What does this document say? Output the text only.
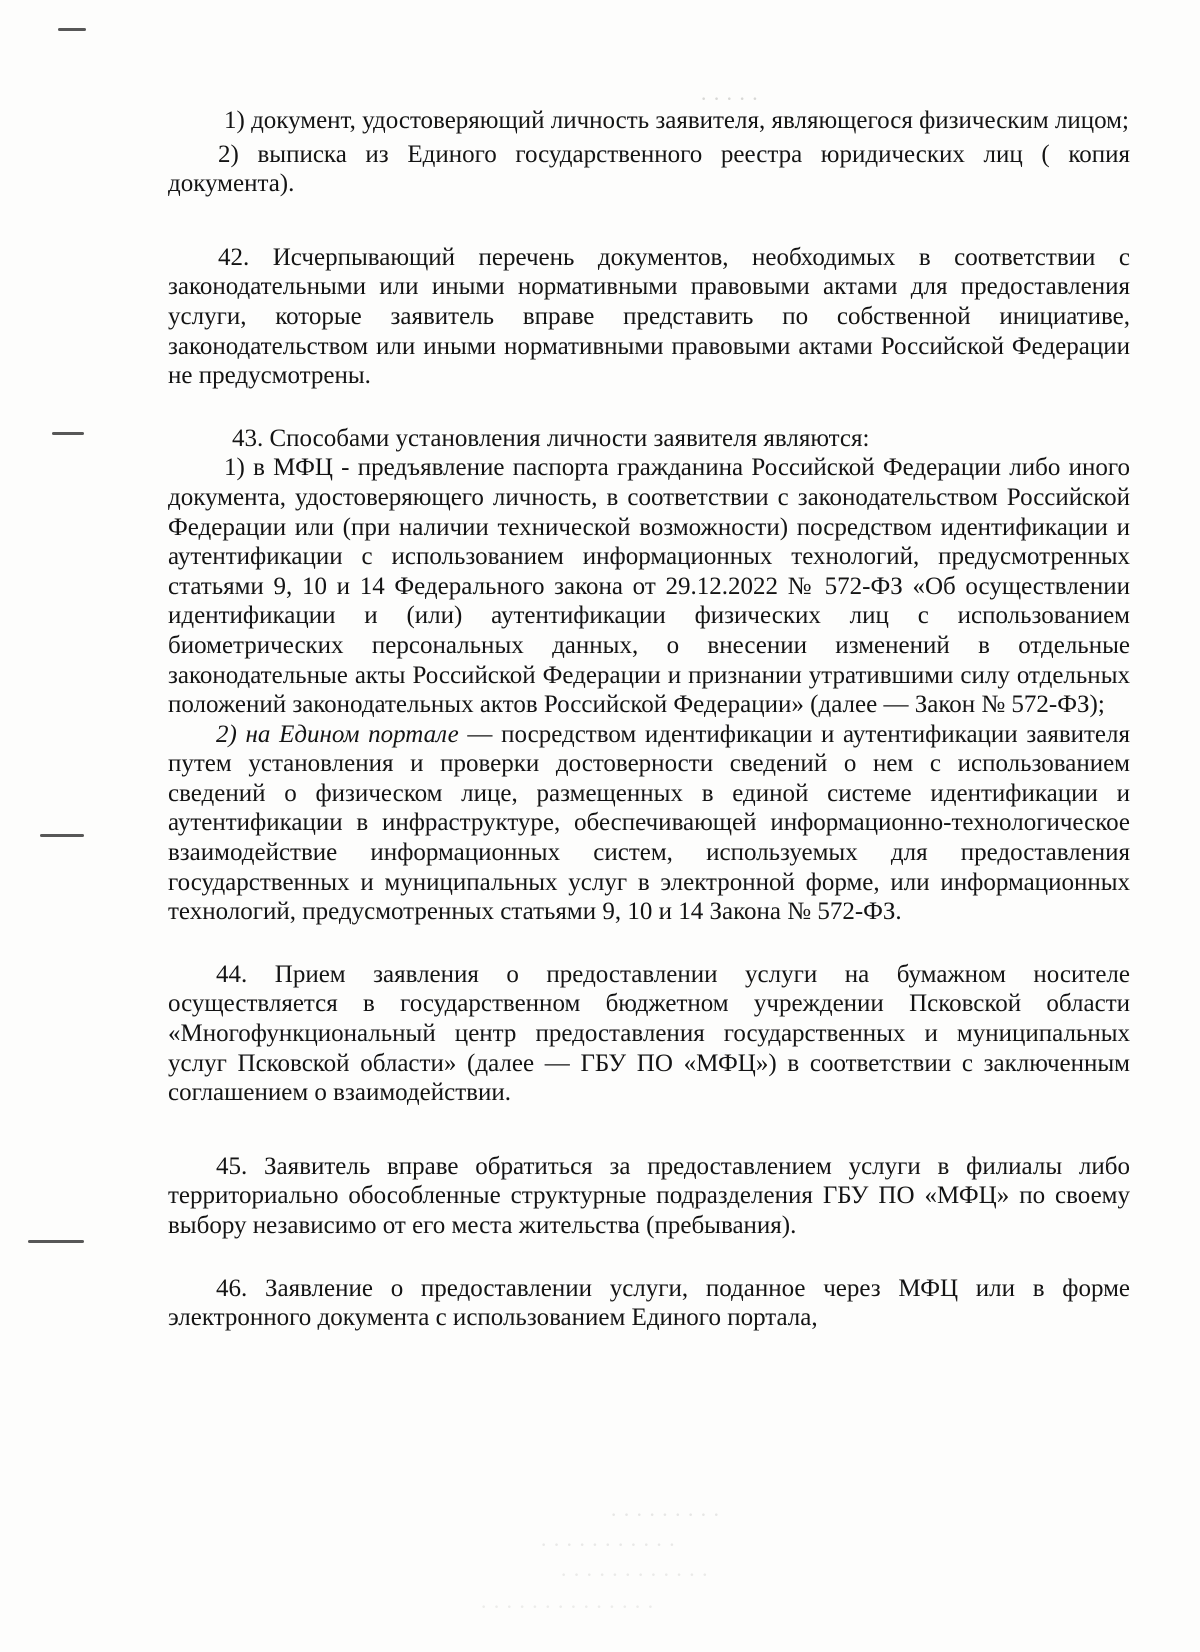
· · · · ·
· · · · · · · · ·
· · · · · · · · · · ·
· · · · · · · · · · · ·
· · · · · · · · · · · · · ·

1) документ, удостоверяющий личность заявителя, являющегося физическим лицом;

2) выписка из Единого государственного реестра юридических лиц ( копия документа).

42. Исчерпывающий перечень документов, необходимых в соответствии с законодательными или иными нормативными правовыми актами для предоставления услуги, которые заявитель вправе представить по собственной инициативе, законодательством или иными нормативными правовыми актами Российской Федерации не предусмотрены.

43. Способами установления личности заявителя являются:

1) в МФЦ - предъявление паспорта гражданина Российской Федерации либо иного документа, удостоверяющего личность, в соответствии с законодательством Российской Федерации или (при наличии технической возможности) посредством идентификации и аутентификации с использованием информационных технологий, предусмотренных статьями 9, 10 и 14 Федерального закона от 29.12.2022 № 572-ФЗ «Об осуществлении идентификации и (или) аутентификации физических лиц с использованием биометрических персональных данных, о внесении изменений в отдельные законодательные акты Российской Федерации и признании утратившими силу отдельных положений законодательных актов Российской Федерации» (далее — Закон № 572-ФЗ);

2) на Едином портале — посредством идентификации и аутентификации заявителя путем установления и проверки достоверности сведений о нем с использованием сведений о физическом лице, размещенных в единой системе идентификации и аутентификации в инфраструктуре, обеспечивающей информационно-технологическое взаимодействие информационных систем, используемых для предоставления государственных и муниципальных услуг в электронной форме, или информационных технологий, предусмотренных статьями 9, 10 и 14 Закона № 572-ФЗ.

44. Прием заявления о предоставлении услуги на бумажном носителе осуществляется в государственном бюджетном учреждении Псковской области «Многофункциональный центр предоставления государственных и муниципальных услуг Псковской области» (далее — ГБУ ПО «МФЦ») в соответствии с заключенным соглашением о взаимодействии.

45. Заявитель вправе обратиться за предоставлением услуги в филиалы либо территориально обособленные структурные подразделения ГБУ ПО «МФЦ» по своему выбору независимо от его места жительства (пребывания).

46. Заявление о предоставлении услуги, поданное через МФЦ или в форме электронного документа с использованием Единого портала,
